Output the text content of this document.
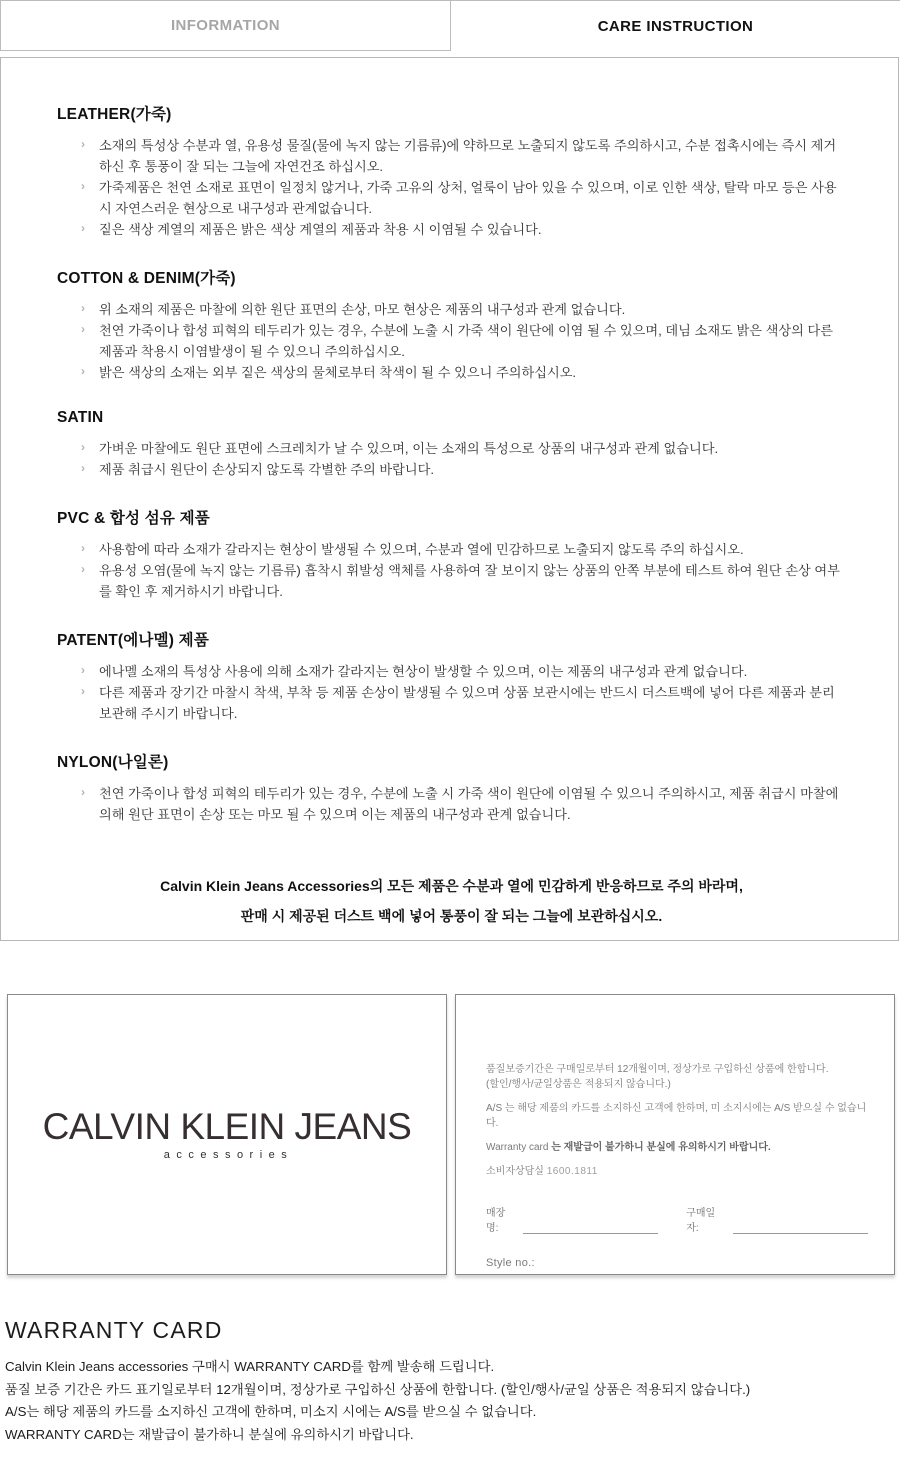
INFORMATION	CARE INSTRUCTION
LEATHER(가죽)
›	소재의 특성상 수분과 열, 유용성 물질(물에 녹지 않는 기름류)에 약하므로 노출되지 않도록 주의하시고, 수분 접촉시에는 즉시 제거하신 후 통풍이 잘 되는 그늘에 자연건조 하십시오.
›	가죽제품은 천연 소재로 표면이 일정치 않거나, 가죽 고유의 상처, 얼룩이 남아 있을 수 있으며, 이로 인한 색상, 탈락 마모 등은 사용시 자연스러운 현상으로 내구성과 관계없습니다.
›	짙은 색상 계열의 제품은 밝은 색상 계열의 제품과 착용 시 이염될 수 있습니다.
COTTON & DENIM(가죽)
›	위 소재의 제품은 마찰에 의한 원단 표면의 손상, 마모 현상은 제품의 내구성과 관계 없습니다.
›	천연 가죽이나 합성 피혁의 테두리가 있는 경우, 수분에 노출 시 가죽 색이 원단에 이염 될 수 있으며, 데님 소재도 밝은 색상의 다른 제품과 착용시 이염발생이 될 수 있으니 주의하십시오.
›	밝은 색상의 소재는 외부 짙은 색상의 물체로부터 착색이 될 수 있으니 주의하십시오.
SATIN
›	가벼운 마찰에도 원단 표면에 스크레치가 날 수 있으며, 이는 소재의 특성으로 상품의 내구성과 관계 없습니다.
›	제품 취급시 원단이 손상되지 않도록 각별한 주의 바랍니다.
PVC & 합성 섬유 제품
›	사용함에 따라 소재가 갈라지는 현상이 발생될 수 있으며, 수분과 열에 민감하므로 노출되지 않도록 주의 하십시오.
›	유용성 오염(물에 녹지 않는 기름류) 흡착시 휘발성 액체를 사용하여 잘 보이지 않는 상품의 안쪽 부분에 테스트 하여 원단 손상 여부를 확인 후 제거하시기 바랍니다.
PATENT(에나멜) 제품
›	에나멜 소재의 특성상 사용에 의해 소재가 갈라지는 현상이 발생할 수 있으며, 이는 제품의 내구성과 관계 없습니다.
›	다른 제품과 장기간 마찰시 착색, 부착 등 제품 손상이 발생될 수 있으며 상품 보관시에는 반드시 더스트백에 넣어 다른 제품과 분리 보관해 주시기 바랍니다.
NYLON(나일론)
›	천연 가죽이나 합성 피혁의 테두리가 있는 경우, 수분에 노출 시 가죽 색이 원단에 이염될 수 있으니 주의하시고, 제품 취급시 마찰에 의해 원단 표면이 손상 또는 마모 될 수 있으며 이는 제품의 내구성과 관계 없습니다.

Calvin Klein Jeans Accessories의 모든 제품은 수분과 열에 민감하게 반응하므로 주의 바라며,

판매 시 제공된 더스트 백에 넣어 통풍이 잘 되는 그늘에 보관하십시오.

CALVIN KLEIN JEANS
accessories

품질보증기간은 구매일로부터 12개월이며, 정상가로 구입하신 상품에 한합니다.

(할인/행사/균일상품은 적용되지 않습니다.)

A/S 는 해당 제품의 카드를 소지하신 고객에 한하며, 미 소지시에는 A/S 받으실 수 없습니다.

Warranty card 는 재발급이 불가하니 분실에 유의하시기 바랍니다.

소비자상담실 1600.1811

매장명:
구매일자:
Style no.:
WARRANTY CARD

Calvin Klein Jeans accessories 구매시 WARRANTY CARD를 함께 발송해 드립니다.

품질 보증 기간은 카드 표기일로부터 12개월이며, 정상가로 구입하신 상품에 한합니다. (할인/행사/균일 상품은 적용되지 않습니다.)

A/S는 해당 제품의 카드를 소지하신 고객에 한하며, 미소지 시에는 A/S를 받으실 수 없습니다.

WARRANTY CARD는 재발급이 불가하니 분실에 유의하시기 바랍니다.
